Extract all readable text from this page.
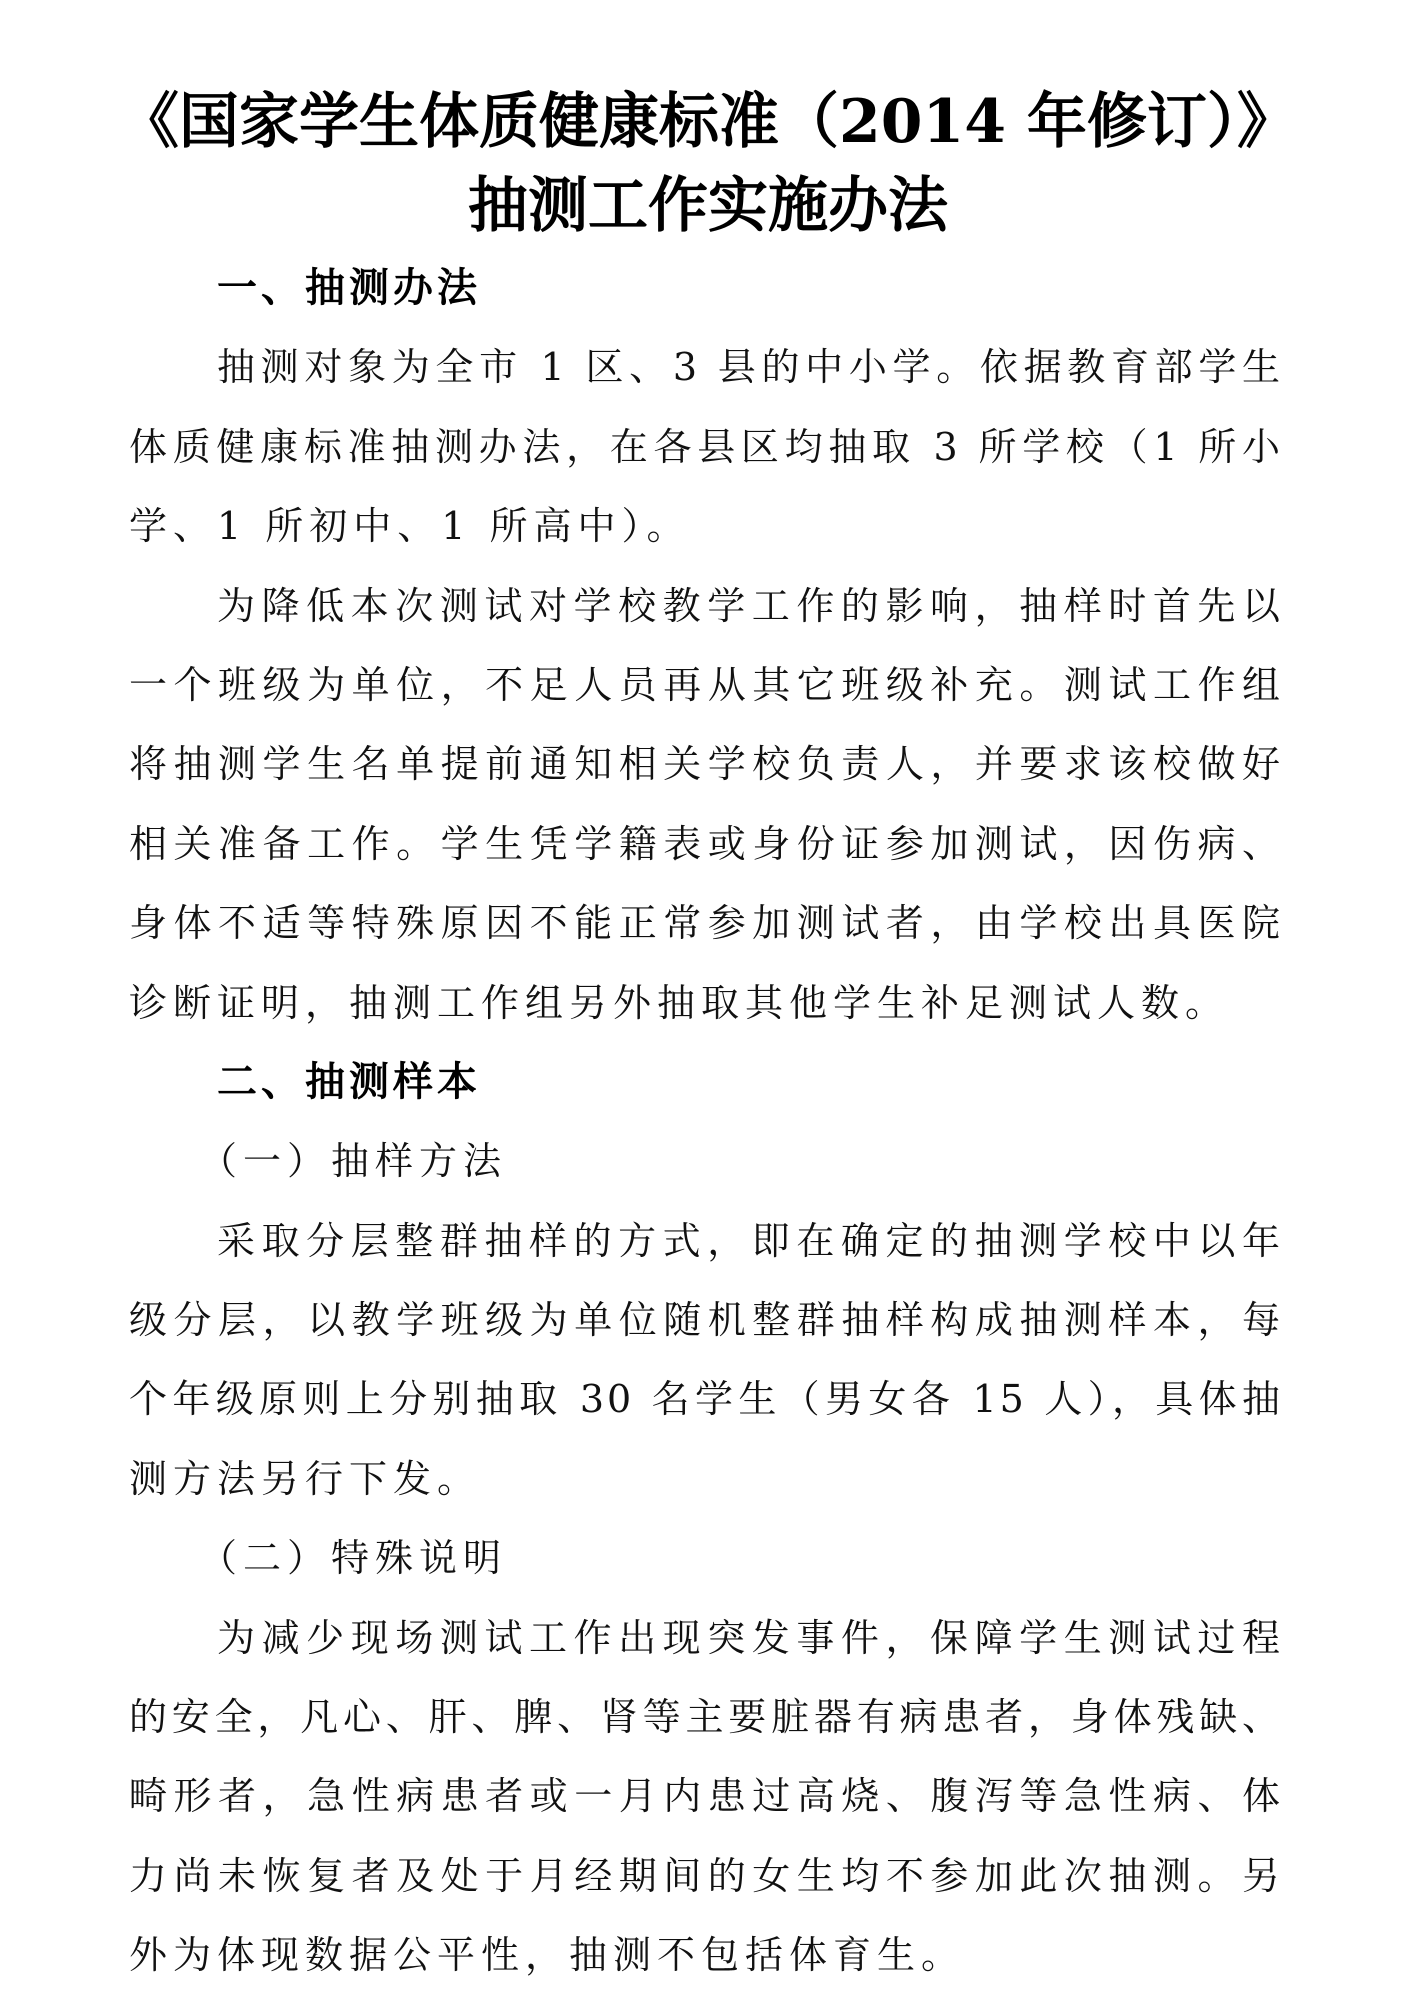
《国家学生体质健康标准（2014 年修订）》
抽测工作实施办法
一、抽测办法
抽测对象为全市 1 区、3 县的中小学。依据教育部学生
体质健康标准抽测办法，在各县区均抽取 3 所学校（1 所小
学、1 所初中、1 所高中）。
为降低本次测试对学校教学工作的影响，抽样时首先以
一个班级为单位，不足人员再从其它班级补充。测试工作组
将抽测学生名单提前通知相关学校负责人，并要求该校做好
相关准备工作。学生凭学籍表或身份证参加测试，因伤病、
身体不适等特殊原因不能正常参加测试者，由学校出具医院
诊断证明，抽测工作组另外抽取其他学生补足测试人数。
二、抽测样本
（一）抽样方法
采取分层整群抽样的方式，即在确定的抽测学校中以年
级分层，以教学班级为单位随机整群抽样构成抽测样本，每
个年级原则上分别抽取 30 名学生（男女各 15 人），具体抽
测方法另行下发。
（二）特殊说明
为减少现场测试工作出现突发事件，保障学生测试过程
的安全，凡心、肝、脾、肾等主要脏器有病患者，身体残缺、
畸形者，急性病患者或一月内患过高烧、腹泻等急性病、体
力尚未恢复者及处于月经期间的女生均不参加此次抽测。另
外为体现数据公平性，抽测不包括体育生。
